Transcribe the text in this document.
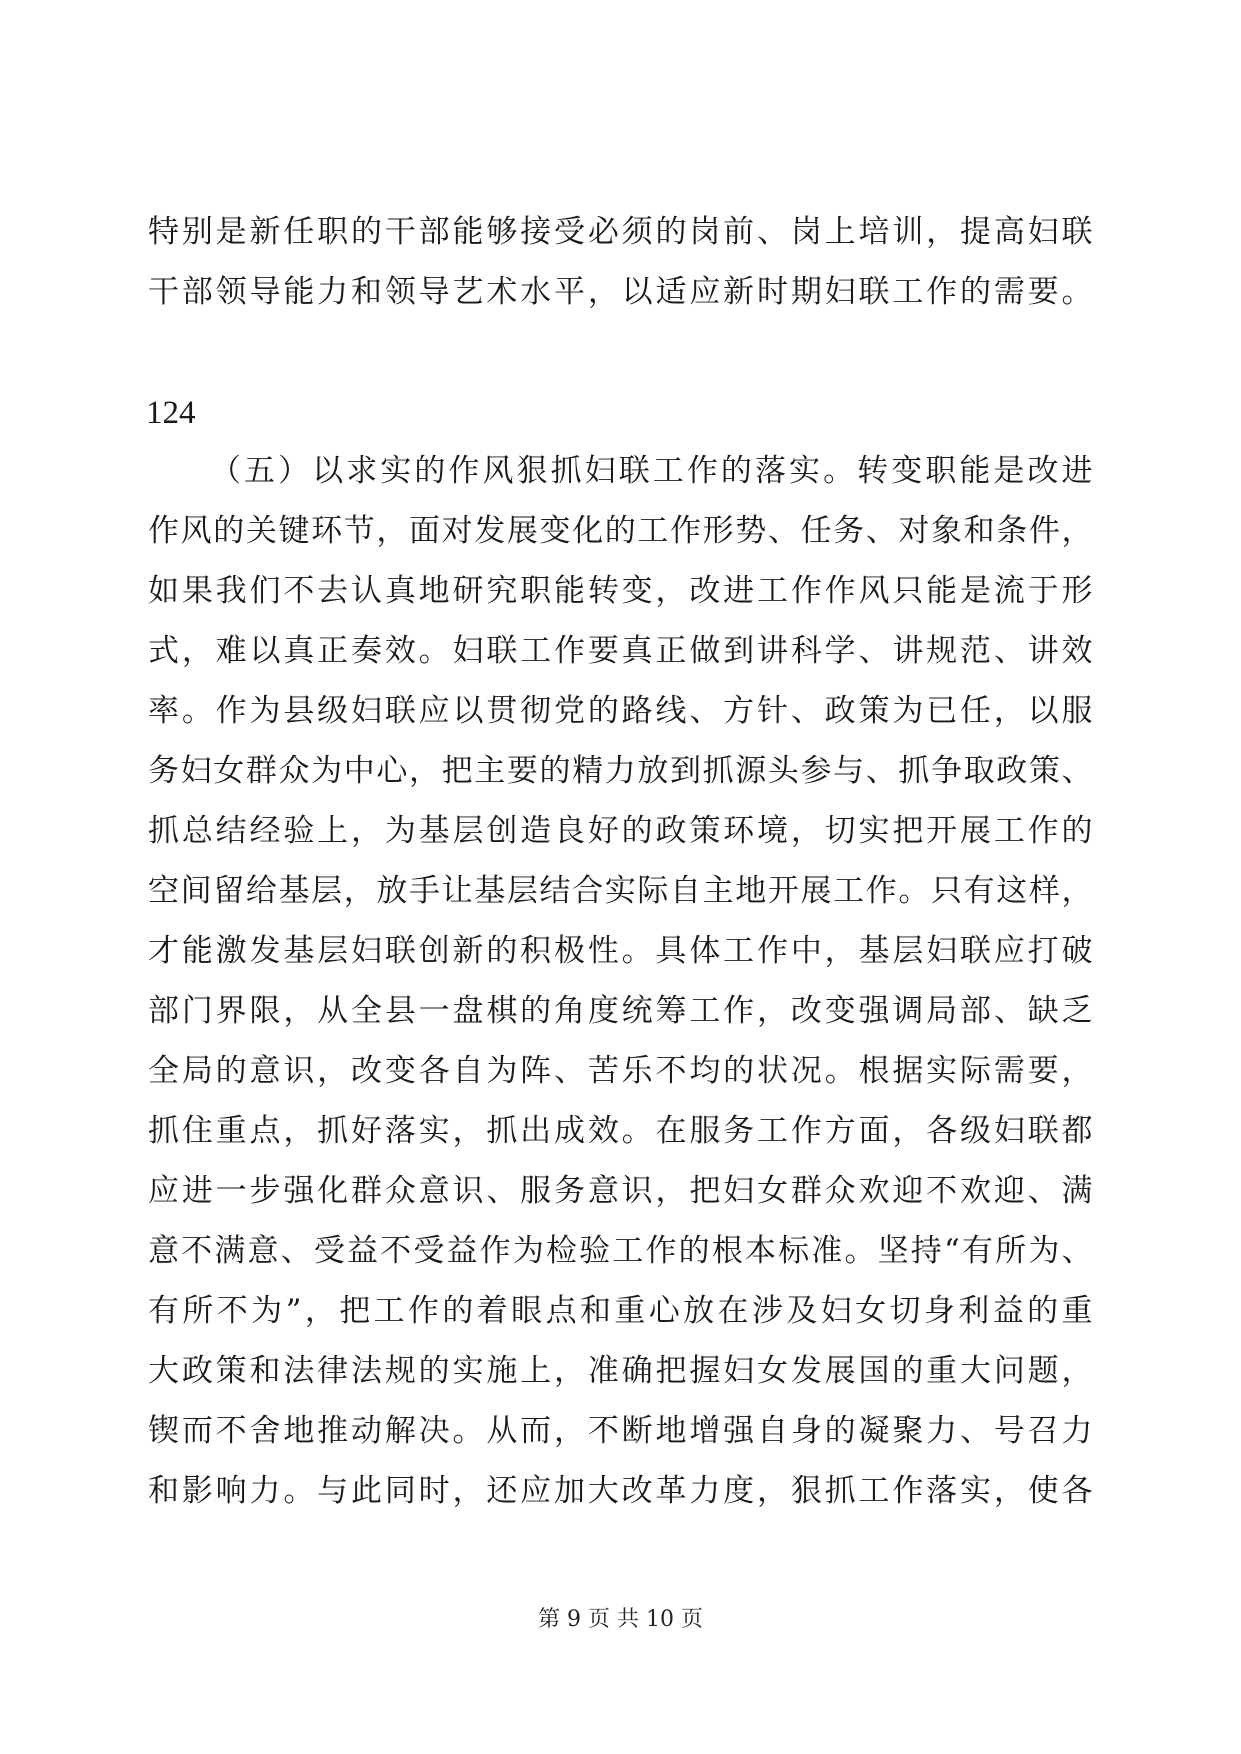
特别是新任职的干部能够接受必须的岗前、岗上培训，提高妇联
干部领导能力和领导艺术水平，以适应新时期妇联工作的需要。
124
（五）以求实的作风狠抓妇联工作的落实。转变职能是改进
作风的关键环节，面对发展变化的工作形势、任务、对象和条件，
如果我们不去认真地研究职能转变，改进工作作风只能是流于形
式，难以真正奏效。妇联工作要真正做到讲科学、讲规范、讲效
率。作为县级妇联应以贯彻党的路线、方针、政策为已任，以服
务妇女群众为中心，把主要的精力放到抓源头参与、抓争取政策、
抓总结经验上，为基层创造良好的政策环境，切实把开展工作的
空间留给基层，放手让基层结合实际自主地开展工作。只有这样，
才能激发基层妇联创新的积极性。具体工作中，基层妇联应打破
部门界限，从全县一盘棋的角度统筹工作，改变强调局部、缺乏
全局的意识，改变各自为阵、苦乐不均的状况。根据实际需要，
抓住重点，抓好落实，抓出成效。在服务工作方面，各级妇联都
应进一步强化群众意识、服务意识，把妇女群众欢迎不欢迎、满
意不满意、受益不受益作为检验工作的根本标准。坚持“有所为、
有所不为”，把工作的着眼点和重心放在涉及妇女切身利益的重
大政策和法律法规的实施上，准确把握妇女发展国的重大问题，
锲而不舍地推动解决。从而，不断地增强自身的凝聚力、号召力
和影响力。与此同时，还应加大改革力度，狠抓工作落实，使各
第 9 页 共 10 页
